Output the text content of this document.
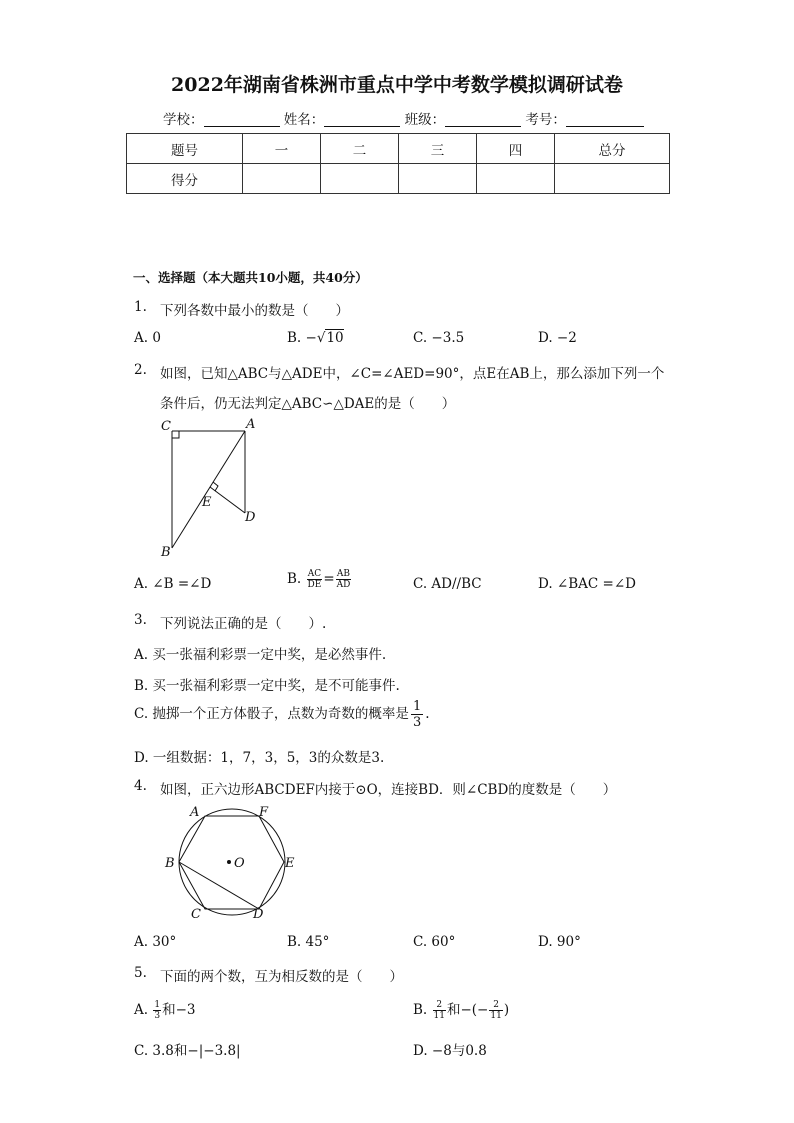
2022年湖南省株洲市重点中学中考数学模拟调研试卷
学校：	姓名：	班级：	考号：
题号	一	二	三	四	总分
得分					
一、选择题（本大题共10小题，共40分）
1. 下列各数中最小的数是（　　）
A. 0	B. −√10	C. −3.5	D. −2
2. 如图，已知△ABC与△ADE中，∠C=∠AED=90°，点E在AB上，那么添加下列一个
条件后，仍无法判定△ABC∽△DAE的是（　　）
C	A
E
D
B
A. ∠B =∠D	B. $\frac{AC}{DE} = \frac{AB}{AD}$	C. AD//BC	D. ∠BAC =∠D
3. 下列说法正确的是（　　）.
A. 买一张福利彩票一定中奖，是必然事件.
B. 买一张福利彩票一定中奖，是不可能事件.
C. 抛掷一个正方体骰子，点数为奇数的概率是 $\frac{1}{3}$ .
D. 一组数据：1，7，3，5，3的众数是3.
4. 如图，正六边形ABCDEF内接于⊙O，连接BD．则∠CBD的度数是（　　）
A	F
B	O	E
C	D
A. 30°	B. 45°	C. 60°	D. 90°
5. 下面的两个数，互为相反数的是（　　）
A. $\frac{1}{3}$ 和−3	B. $\frac{2}{11}$ 和−(− $\frac{2}{11}$ )
C. 3.8和−|−3.8|	D. −8与0.8
